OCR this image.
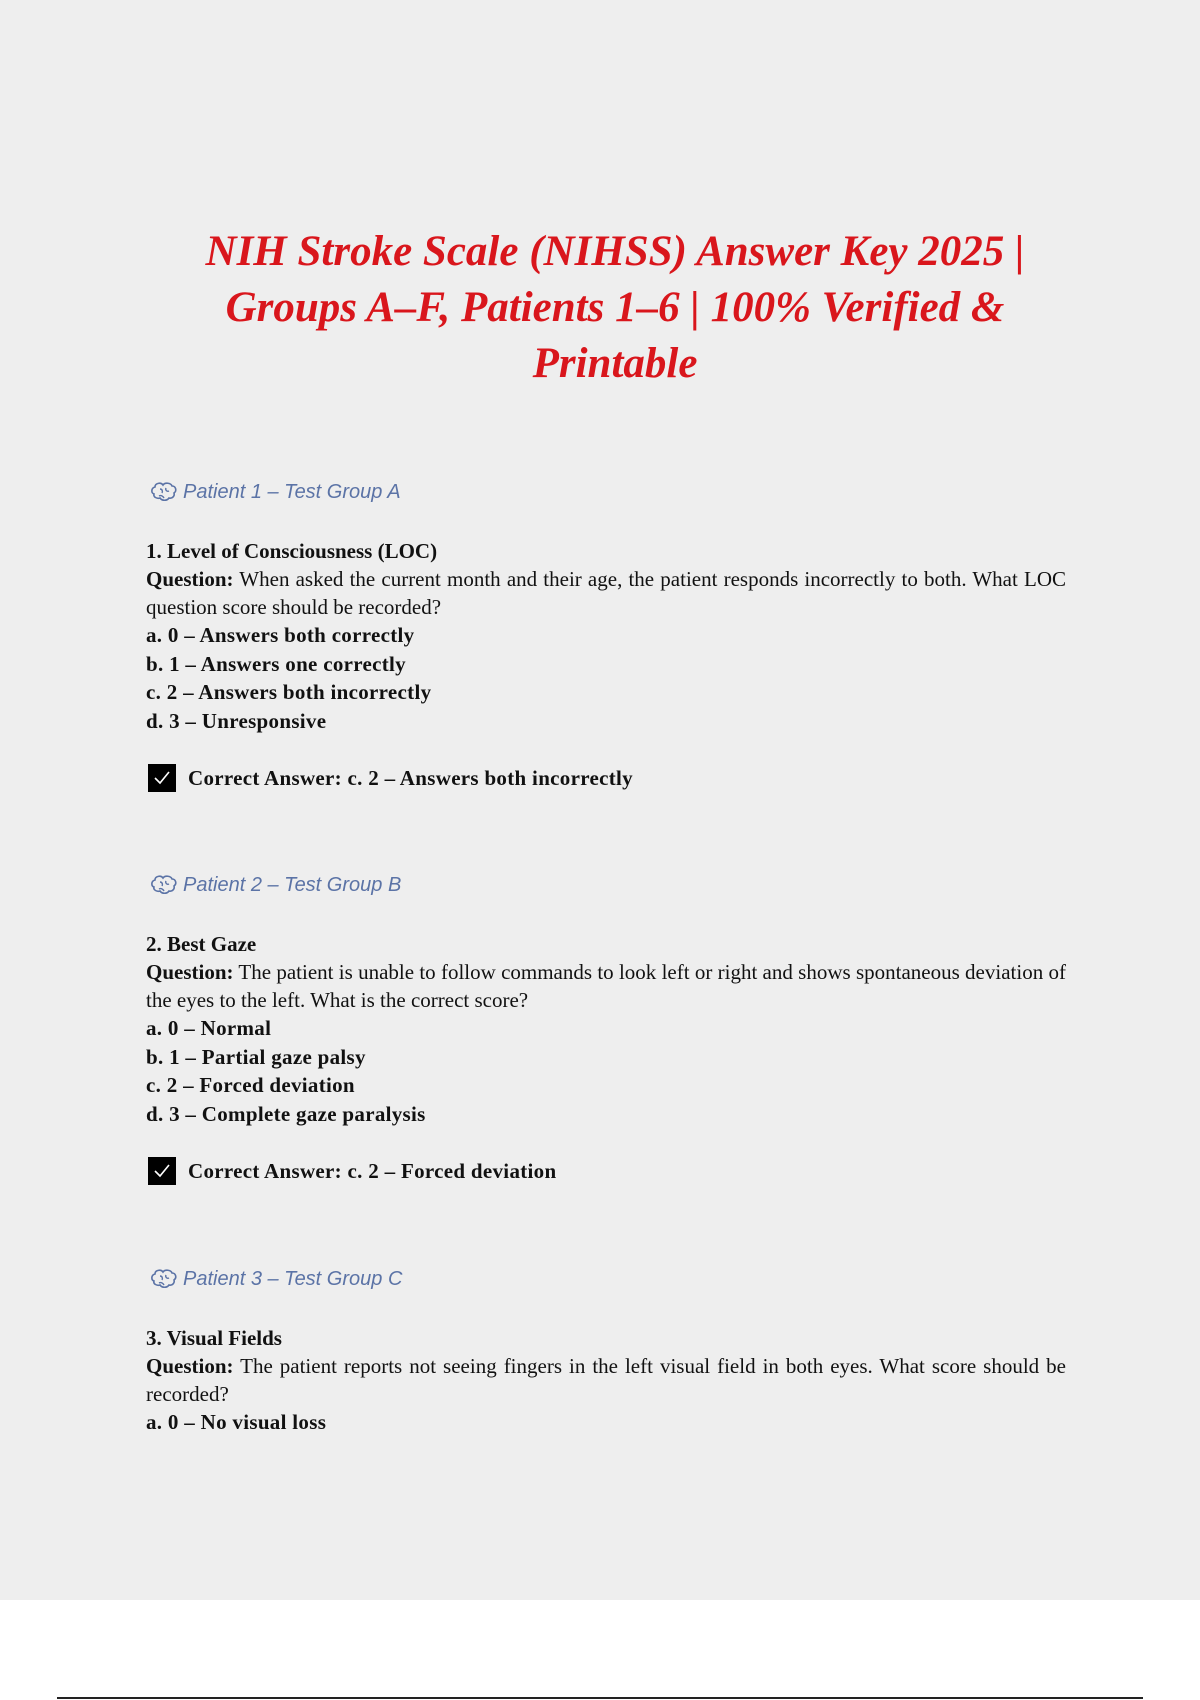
NIH Stroke Scale (NIHSS) Answer Key 2025 | Groups A–F, Patients 1–6 | 100% Verified & Printable
Patient 1 – Test Group A
1. Level of Consciousness (LOC)
Question: When asked the current month and their age, the patient responds incorrectly to both. What LOC question score should be recorded?
a. 0 – Answers both correctly
b. 1 – Answers one correctly
c. 2 – Answers both incorrectly
d. 3 – Unresponsive
Correct Answer:
c. 2 – Answers both incorrectly
Patient 2 – Test Group B
2. Best Gaze
Question: The patient is unable to follow commands to look left or right and shows spontaneous deviation of the eyes to the left. What is the correct score?
a. 0 – Normal
b. 1 – Partial gaze palsy
c. 2 – Forced deviation
d. 3 – Complete gaze paralysis
Correct Answer:
c. 2 – Forced deviation
Patient 3 – Test Group C
3. Visual Fields
Question: The patient reports not seeing fingers in the left visual field in both eyes. What score should be recorded?
a. 0 – No visual loss
